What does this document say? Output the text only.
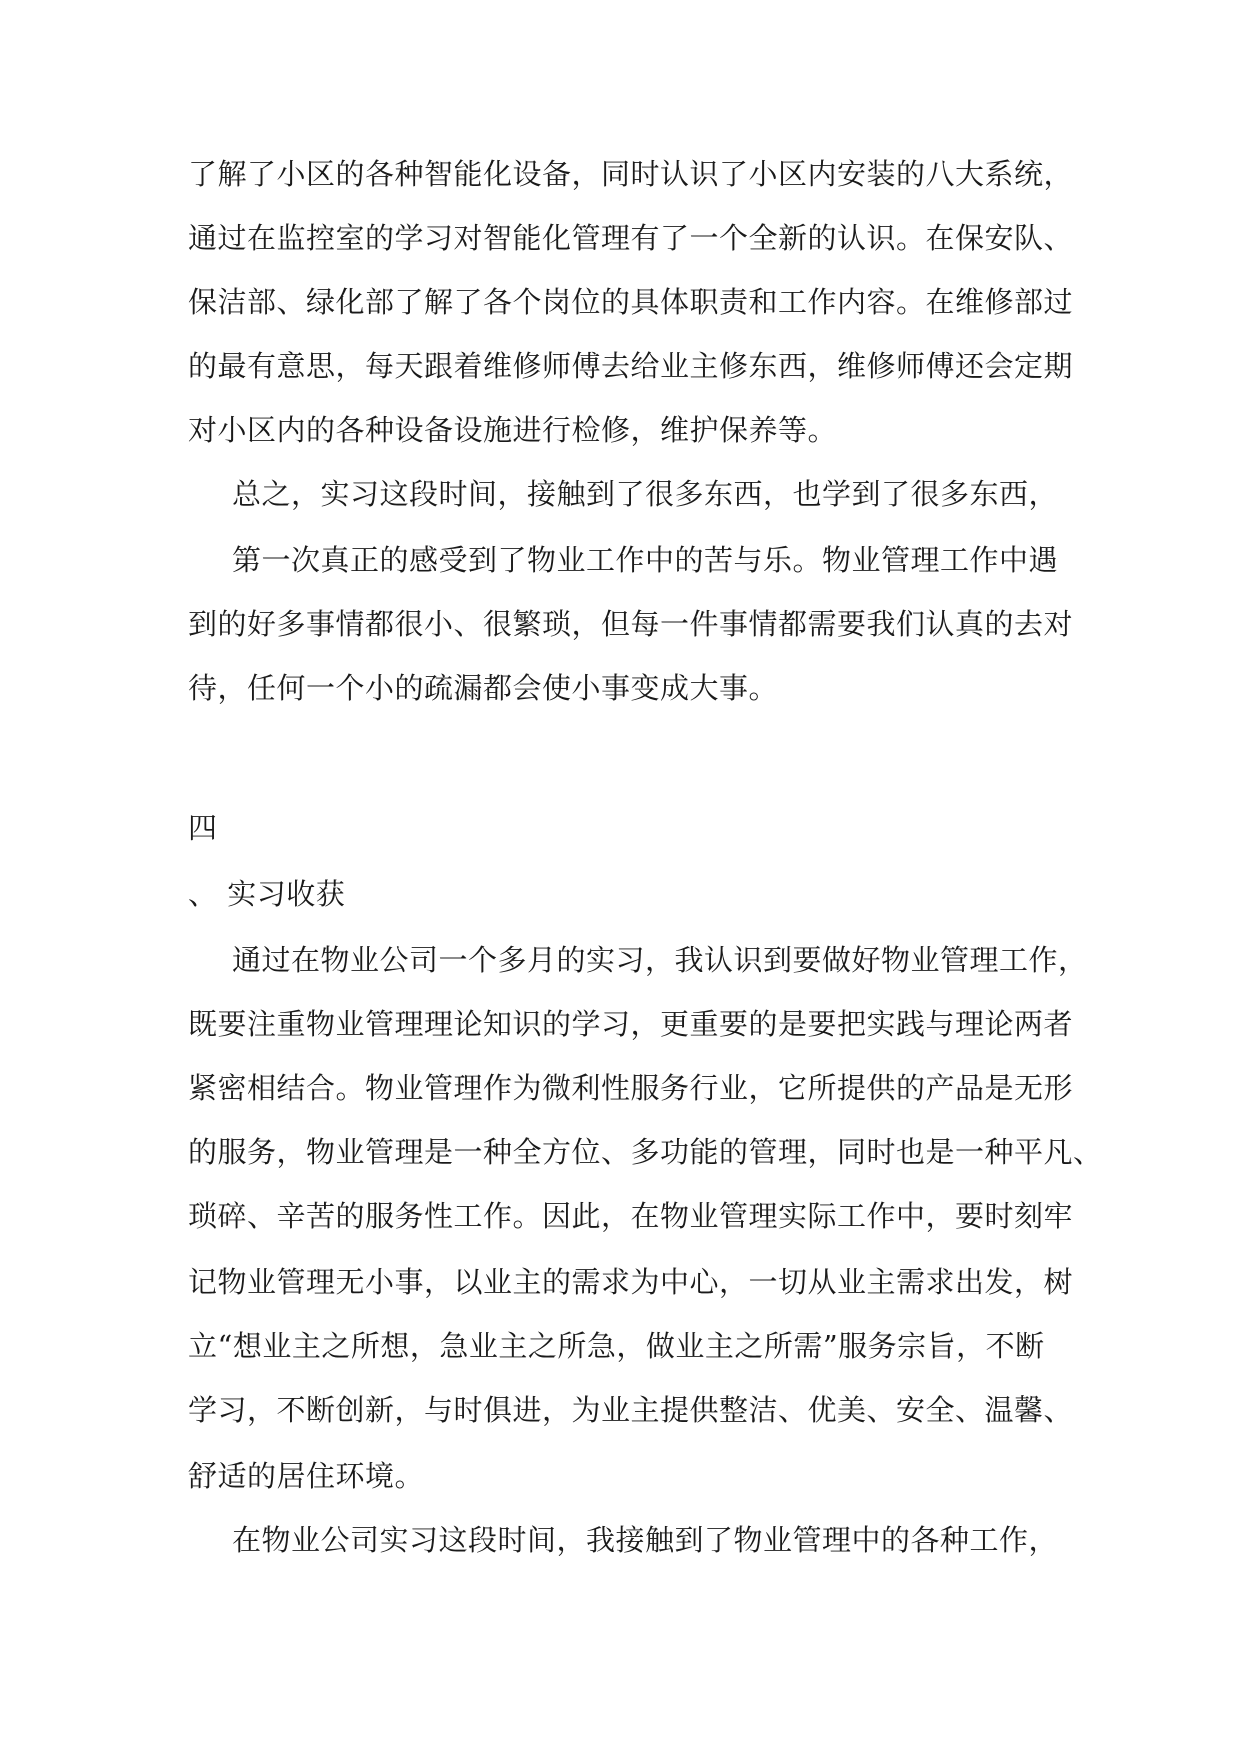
了解了小区的各种智能化设备，同时认识了小区内安装的八大系统，
通过在监控室的学习对智能化管理有了一个全新的认识。在保安队、
保洁部、绿化部了解了各个岗位的具体职责和工作内容。在维修部过
的最有意思，每天跟着维修师傅去给业主修东西，维修师傅还会定期
对小区内的各种设备设施进行检修，维护保养等。
总之，实习这段时间，接触到了很多东西，也学到了很多东西，
第一次真正的感受到了物业工作中的苦与乐。物业管理工作中遇
到的好多事情都很小、很繁琐，但每一件事情都需要我们认真的去对
待，任何一个小的疏漏都会使小事变成大事。
四
、 实习收获
通过在物业公司一个多月的实习，我认识到要做好物业管理工作，
既要注重物业管理理论知识的学习，更重要的是要把实践与理论两者
紧密相结合。物业管理作为微利性服务行业，它所提供的产品是无形
的服务，物业管理是一种全方位、多功能的管理，同时也是一种平凡、
琐碎、辛苦的服务性工作。因此，在物业管理实际工作中，要时刻牢
记物业管理无小事，以业主的需求为中心，一切从业主需求出发，树
立“想业主之所想，急业主之所急，做业主之所需”服务宗旨，不断
学习，不断创新，与时俱进，为业主提供整洁、优美、安全、温馨、
舒适的居住环境。
在物业公司实习这段时间，我接触到了物业管理中的各种工作，
